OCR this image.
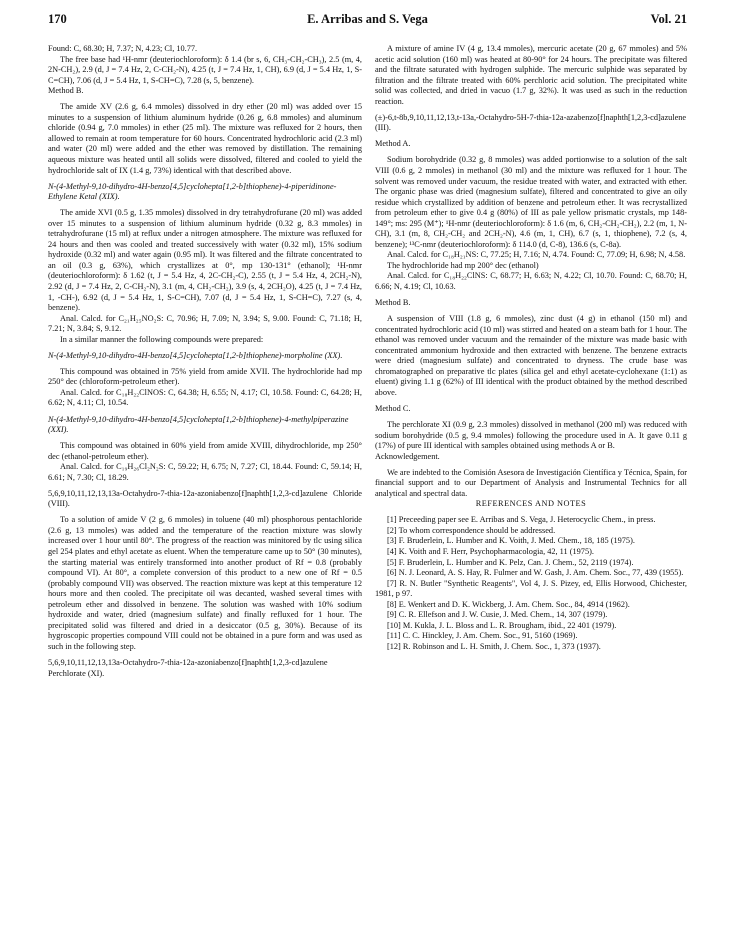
170	E. Arribas and S. Vega	Vol. 21

Found: C, 68.30; H, 7.37; N, 4.23; Cl, 10.77.

The free base had ¹H-nmr (deuteriochloroform): δ 1.4 (br s, 6, CH₃-CH₂-CH₃), 2.5 (m, 4, 2N-CH₂), 2.9 (d, J = 7.4 Hz, 2, C-CH₂-N), 4.25 (t, J = 7.4 Hz, 1, CH), 6.9 (d, J = 5.4 Hz, 1, S-C=CH), 7.06 (d, J = 5.4 Hz, 1, S-CH=C), 7.28 (s, 5, benzene).

Method B.

The amide XV (2.6 g, 6.4 mmoles) dissolved in dry ether (20 ml) was added over 15 minutes to a suspension of lithium aluminum hydride (0.26 g, 6.8 mmoles) and aluminum chloride (0.94 g, 7.0 mmoles) in ether (25 ml). The mixture was refluxed for 2 hours, then allowed to remain at room temperature for 60 hours. Concentrated hydrochloric acid (2.3 ml) and water (20 ml) were added and the ether was removed by distillation. The remaining aqueous mixture was heated until all solids were dissolved, filtered and cooled to yield the hydrochloride salt of IX (1.4 g, 73%) identical with that described above.

N-(4-Methyl-9,10-dihydro-4H-benzo[4,5]cyclohepta[1,2-b]thiophene)-4-piperidinone-Ethylene Ketal (XIX).

The amide XVI (0.5 g, 1.35 mmoles) dissolved in dry tetrahydrofurane (20 ml) was added over 15 minutes to a suspension of lithium aluminum hydride (0.32 g, 8.3 mmoles) in tetrahydrofurane (15 ml) at reflux under a nitrogen atmosphere. The mixture was refluxed for 24 hours and then was cooled and treated successively with water (0.32 ml), 15% sodium hydroxide (0.32 ml) and water again (0.95 ml). It was filtered and the filtrate concentrated to an oil (0.3 g, 63%), which crystallizes at 0°, mp 130-131° (ethanol); ¹H-nmr (deuteriochloroform): δ 1.62 (t, J = 5.4 Hz, 4, 2C-CH₂-C), 2.55 (t, J = 5.4 Hz, 4, 2CH₂-N), 2.92 (d, J = 7.4 Hz, 2, C-CH₂-N), 3.1 (m, 4, CH₂-CH₂), 3.9 (s, 4, 2CH₂O), 4.25 (t, J = 7.4 Hz, 1, -CH-), 6.92 (d, J = 5.4 Hz, 1, S-C=CH), 7.07 (d, J = 5.4 Hz, 1, S-CH=C), 7.27 (s, 4, benzene).

Anal. Calcd. for C₂₁H₂₅NO₂S: C, 70.96; H, 7.09; N, 3.94; S, 9.00. Found: C, 71.18; H, 7.21; N, 3.84; S, 9.12.

In a similar manner the following compounds were prepared:

N-(4-Methyl-9,10-dihydro-4H-benzo[4,5]cyclohepta[1,2-b]thiophene)-morpholine (XX).

This compound was obtained in 75% yield from amide XVII. The hydrochloride had mp 250° dec (chloroform-petroleum ether).

Anal. Calcd. for C₁₈H₂₂ClNOS: C, 64.38; H, 6.55; N, 4.17; Cl, 10.58. Found: C, 64.28; H, 6.62; N, 4.11; Cl, 10.54.

N-(4-Methyl-9,10-dihydro-4H-benzo[4,5]cyclohepta[1,2-b]thiophene)-4-methylpiperazine (XXI).

This compound was obtained in 60% yield from amide XVIII, dihydrochloride, mp 250° dec (ethanol-petroleum ether).

Anal. Calcd. for C₁₉H₂₆Cl₂N₂S: C, 59.22; H, 6.75; N, 7.27; Cl, 18.44. Found: C, 59.14; H, 6.61; N, 7.30; Cl, 18.29.

5,6,9,10,11,12,13,13a-Octahydro-7-thia-12a-azoniabenzo[f]naphth[1,2,3-cd]azulene Chloride (VIII).

To a solution of amide V (2 g, 6 mmoles) in toluene (40 ml) phosphorous pentachloride (2.6 g, 13 mmoles) was added and the temperature of the reaction mixture was slowly increased over 1 hour until 80°. The progress of the reaction was minitored by tlc using silica gel 254 plates and ethyl acetate as eluent. When the temperature came up to 50° (30 minutes), the starting material was entirely transformed into another product of Rf = 0.8 (probably compound VI). At 80°, a complete conversion of this product to a new one of Rf = 0.5 (probably compound VII) was observed. The reaction mixture was kept at this temperature 12 hours more and then cooled. The precipitate oil was decanted, washed several times with petroleum ether and dissolved in benzene. The solution was washed with 10% sodium hydroxide and water, dried (magnesium sulfate) and finally refluxed for 1 hour. The precipitated solid was filtered and dried in a desiccator (0.5 g, 30%). Because of its hygroscopic properties compound VIII could not be obtained in a pure form and was used as such in the following step.

5,6,9,10,11,12,13,13a-Octahydro-7-thia-12a-azoniabenzo[f]naphth[1,2,3-cd]azulene Perchlorate (XI).

A mixture of amine IV (4 g, 13.4 mmoles), mercuric acetate (20 g, 67 mmoles) and 5% acetic acid solution (160 ml) was heated at 80-90° for 24 hours. The precipitate was filtered and the filtrate saturated with hydrogen sulphide. The mercuric sulphide was separated by filtration and the filtrate treated with 60% perchloric acid solution. The precipitated white solid was collected, and dried in vacuo (1.7 g, 32%). It was used as such in the reduction reaction.

(±)-6,t-8b,9,10,11,12,13,t-13a,-Octahydro-5H-7-thia-12a-azabenzo[f]naphth[1,2,3-cd]azulene (III).

Method A.

Sodium borohydride (0.32 g, 8 mmoles) was added portionwise to a solution of the salt VIII (0.6 g, 2 mmoles) in methanol (30 ml) and the mixture was refluxed for 1 hour. The solvent was removed under vacuum, the residue treated with water, and extracted with ether. The organic phase was dried (magnesium sulfate), filtered and concentrated to give an oily residue which crystallized by addition of benzene and petroleum ether. It was recrystallized from petroleum ether to give 0.4 g (80%) of III as pale yellow prismatic crystals, mp 148-149°; ms: 295 (M⁺); ¹H-nmr (deuteriochloroform): δ 1.6 (m, 6, CH₂-CH₂-CH₂), 2.2 (m, 1, N-CH), 3.1 (m, 8, CH₂-CH₂ and 2CH₂-N), 4.6 (m, 1, CH), 6.7 (s, 1, thiophene), 7.2 (s, 4, benzene); ¹³C-nmr (deuteriochloroform): δ 114.0 (d, C-8), 136.6 (s, C-8a).

Anal. Calcd. for C₁₈H₂₁NS: C, 77.25; H, 7.16; N, 4.74. Found: C, 77.09; H, 6.98; N, 4.58.

The hydrochloride had mp 200° dec (ethanol)

Anal. Calcd. for C₁₈H₂₂ClNS: C, 68.77; H, 6.63; N, 4.22; Cl, 10.70. Found: C, 68.70; H, 6.66; N, 4.19; Cl, 10.63.

Method B.

A suspension of VIII (1.8 g, 6 mmoles), zinc dust (4 g) in ethanol (150 ml) and concentrated hydrochloric acid (10 ml) was stirred and heated on a steam bath for 1 hour. The ethanol was removed under vacuum and the remainder of the mixture was made basic with concentrated ammonium hydroxide and then extracted with benzene. The benzene extracts were dried (magnesium sulfate) and concentrated to dryness. The crude base was chromatographed on preparative tlc plates (silica gel and ethyl acetate-cyclohexane (1:1) as eluent) giving 1.1 g (62%) of III identical with the product obtained by the method described above.

Method C.

The perchlorate XI (0.9 g, 2.3 mmoles) dissolved in methanol (200 ml) was reduced with sodium borohydride (0.5 g, 9.4 mmoles) following the procedure used in A. It gave 0.11 g (17%) of pure III identical with samples obtained using methods A or B.

Acknowledgement.

We are indebted to the Comisión Asesora de Investigación Científica y Técnica, Spain, for financial support and to our Department of Analysis and Instrumental Technics for all analytical and spectral data.

REFERENCES AND NOTES

[1] Preceeding paper see E. Arribas and S. Vega, J. Heterocyclic Chem., in press.

[2] To whom correspondence should be addressed.

[3] F. Bruderlein, L. Humber and K. Voith, J. Med. Chem., 18, 185 (1975).

[4] K. Voith and F. Herr, Psychopharmacologia, 42, 11 (1975).

[5] F. Bruderlein, L. Humber and K. Pelz, Can. J. Chem., 52, 2119 (1974).

[6] N. J. Leonard, A. S. Hay, R. Fulmer and W. Gash, J. Am. Chem. Soc., 77, 439 (1955).

[7] R. N. Butler "Synthetic Reagents", Vol 4, J. S. Pizey, ed, Ellis Horwood, Chichester, 1981, p 97.

[8] E. Wenkert and D. K. Wickberg, J. Am. Chem. Soc., 84, 4914 (1962).

[9] C. R. Ellefson and J. W. Cusie, J. Med. Chem., 14, 307 (1979).

[10] M. Kukla, J. L. Bloss and L. R. Brougham, ibid., 22 401 (1979).

[11] C. C. Hinckley, J. Am. Chem. Soc., 91, 5160 (1969).

[12] R. Robinson and L. H. Smith, J. Chem. Soc., 1, 373 (1937).
